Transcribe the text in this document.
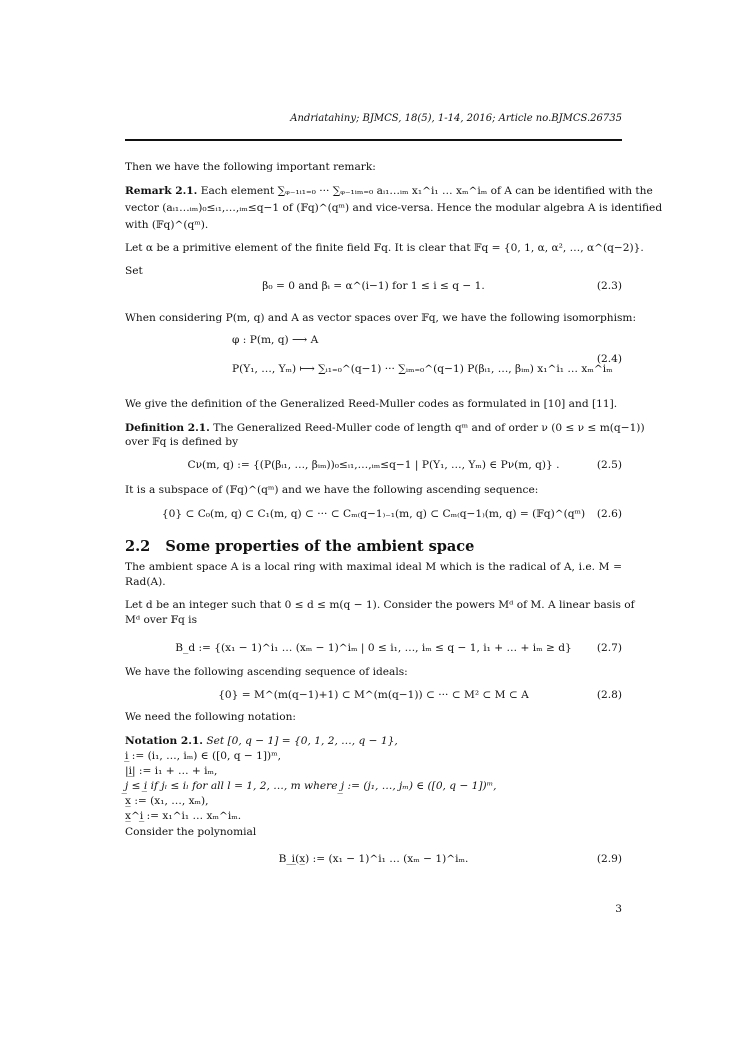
Andriatahiny; BJMCS, 18(5), 1-14, 2016; Article no.BJMCS.26735
Then we have the following important remark:
Remark 2.1. Each element ∑ᵩ₋₁ᵢ₁₌₀ ··· ∑ᵩ₋₁ᵢₘ₌₀ aᵢ₁…ᵢₘ x₁^i₁ … xₘ^iₘ of A can be identified with the
vector (aᵢ₁…ᵢₘ)₀≤ᵢ₁,…,ᵢₘ≤q−1 of (𝔽q)^(qᵐ) and vice-versa. Hence the modular algebra A is identified
with (𝔽q)^(qᵐ).
Let α be a primitive element of the finite field 𝔽q. It is clear that 𝔽q = {0, 1, α, α², …, α^(q−2)}.
Set
β₀ = 0 and βᵢ = α^(i−1) for 1 ≤ i ≤ q − 1.	(2.3)
When considering P(m, q) and A as vector spaces over 𝔽q, we have the following isomorphism:
φ : P(m, q) ⟶ A
P(Y₁, …, Yₘ) ⟼ ∑ᵢ₁₌₀^(q−1) ··· ∑ᵢₘ₌₀^(q−1) P(βᵢ₁, …, βᵢₘ) x₁^i₁ … xₘ^iₘ
(2.4)
We give the definition of the Generalized Reed-Muller codes as formulated in [10] and [11].
Definition 2.1. The Generalized Reed-Muller code of length qᵐ and of order ν (0 ≤ ν ≤ m(q−1))
over 𝔽q is defined by
Cν(m, q) := {(P(βᵢ₁, …, βᵢₘ))₀≤ᵢ₁,…,ᵢₘ≤q−1 | P(Y₁, …, Yₘ) ∈ Pν(m, q)} .	(2.5)
It is a subspace of (𝔽q)^(qᵐ) and we have the following ascending sequence:
{0} ⊂ C₀(m, q) ⊂ C₁(m, q) ⊂ ··· ⊂ Cₘ₍q−1₎₋₁(m, q) ⊂ Cₘ₍q−1₎(m, q) = (𝔽q)^(qᵐ)	(2.6)
2.2 Some properties of the ambient space
The ambient space A is a local ring with maximal ideal M which is the radical of A, i.e. M =
Rad(A).
Let d be an integer such that 0 ≤ d ≤ m(q − 1). Consider the powers Mᵈ of M. A linear basis of
Mᵈ over 𝔽q is
B_d := {(x₁ − 1)^i₁ … (xₘ − 1)^iₘ | 0 ≤ i₁, …, iₘ ≤ q − 1, i₁ + … + iₘ ≥ d}	(2.7)
We have the following ascending sequence of ideals:
{0} = M^(m(q−1)+1) ⊂ M^(m(q−1)) ⊂ ··· ⊂ M² ⊂ M ⊂ A	(2.8)
We need the following notation:
Notation 2.1. Set [0, q − 1] = {0, 1, 2, …, q − 1},
i̲ := (i₁, …, iₘ) ∈ ([0, q − 1])ᵐ,
|i̲| := i₁ + … + iₘ,
j̲ ≤ i̲ if jₗ ≤ iₗ for all l = 1, 2, …, m where j̲ := (j₁, …, jₘ) ∈ ([0, q − 1])ᵐ,
x̲ := (x₁, …, xₘ),
x̲^i̲ := x₁^i₁ … xₘ^iₘ.
Consider the polynomial
B_i̲(x̲) := (x₁ − 1)^i₁ … (xₘ − 1)^iₘ.	(2.9)
3
